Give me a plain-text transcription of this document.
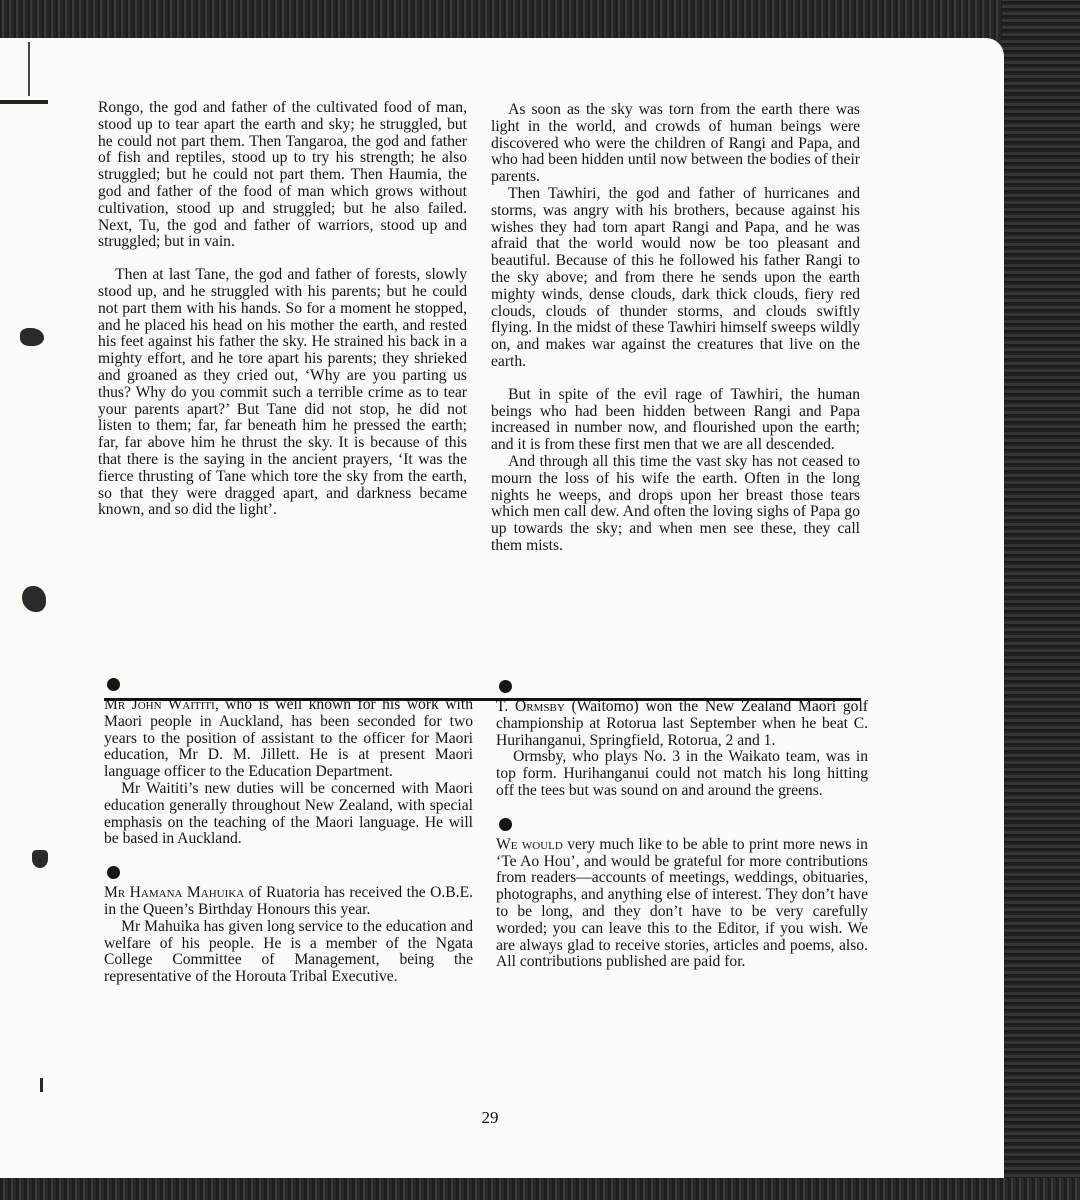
Rongo, the god and father of the cultivated food of man, stood up to tear apart the earth and sky; he struggled, but he could not part them. Then Tangaroa, the god and father of fish and reptiles, stood up to try his strength; he also struggled; but he could not part them. Then Haumia, the god and father of the food of man which grows without cultivation, stood up and struggled; but he also failed. Next, Tu, the god and father of warriors, stood up and struggled; but in vain.

Then at last Tane, the god and father of forests, slowly stood up, and he struggled with his parents; but he could not part them with his hands. So for a moment he stopped, and he placed his head on his mother the earth, and rested his feet against his father the sky. He strained his back in a mighty effort, and he tore apart his parents; they shrieked and groaned as they cried out, ‘Why are you parting us thus? Why do you commit such a terrible crime as to tear your parents apart?’ But Tane did not stop, he did not listen to them; far, far beneath him he pressed the earth; far, far above him he thrust the sky. It is because of this that there is the saying in the ancient prayers, ‘It was the fierce thrusting of Tane which tore the sky from the earth, so that they were dragged apart, and darkness became known, and so did the light’.

As soon as the sky was torn from the earth there was light in the world, and crowds of human beings were discovered who were the children of Rangi and Papa, and who had been hidden until now between the bodies of their parents.

Then Tawhiri, the god and father of hurricanes and storms, was angry with his brothers, because against his wishes they had torn apart Rangi and Papa, and he was afraid that the world would now be too pleasant and beautiful. Because of this he followed his father Rangi to the sky above; and from there he sends upon the earth mighty winds, dense clouds, dark thick clouds, fiery red clouds, clouds of thunder storms, and clouds swiftly flying. In the midst of these Tawhiri himself sweeps wildly on, and makes war against the creatures that live on the earth.

But in spite of the evil rage of Tawhiri, the human beings who had been hidden between Rangi and Papa increased in number now, and flourished upon the earth; and it is from these first men that we are all descended.

And through all this time the vast sky has not ceased to mourn the loss of his wife the earth. Often in the long nights he weeps, and drops upon her breast those tears which men call dew. And often the loving sighs of Papa go up towards the sky; and when men see these, they call them mists.

Mr John Waititi, who is well known for his work with Maori people in Auckland, has been seconded for two years to the position of assistant to the officer for Maori education, Mr D. M. Jillett. He is at present Maori language officer to the Education Department.

Mr Waititi’s new duties will be concerned with Maori education generally throughout New Zealand, with special emphasis on the teaching of the Maori language. He will be based in Auckland.

Mr Hamana Mahuika of Ruatoria has received the O.B.E. in the Queen’s Birthday Honours this year.

Mr Mahuika has given long service to the education and welfare of his people. He is a member of the Ngata College Committee of Management, being the representative of the Horouta Tribal Executive.

T. Ormsby (Waitomo) won the New Zealand Maori golf championship at Rotorua last September when he beat C. Hurihanganui, Springfield, Rotorua, 2 and 1.

Ormsby, who plays No. 3 in the Waikato team, was in top form. Hurihanganui could not match his long hitting off the tees but was sound on and around the greens.

We would very much like to be able to print more news in ‘Te Ao Hou’, and would be grateful for more contributions from readers—accounts of meetings, weddings, obituaries, photographs, and anything else of interest. They don’t have to be long, and they don’t have to be very carefully worded; you can leave this to the Editor, if you wish. We are always glad to receive stories, articles and poems, also. All contributions published are paid for.

29
